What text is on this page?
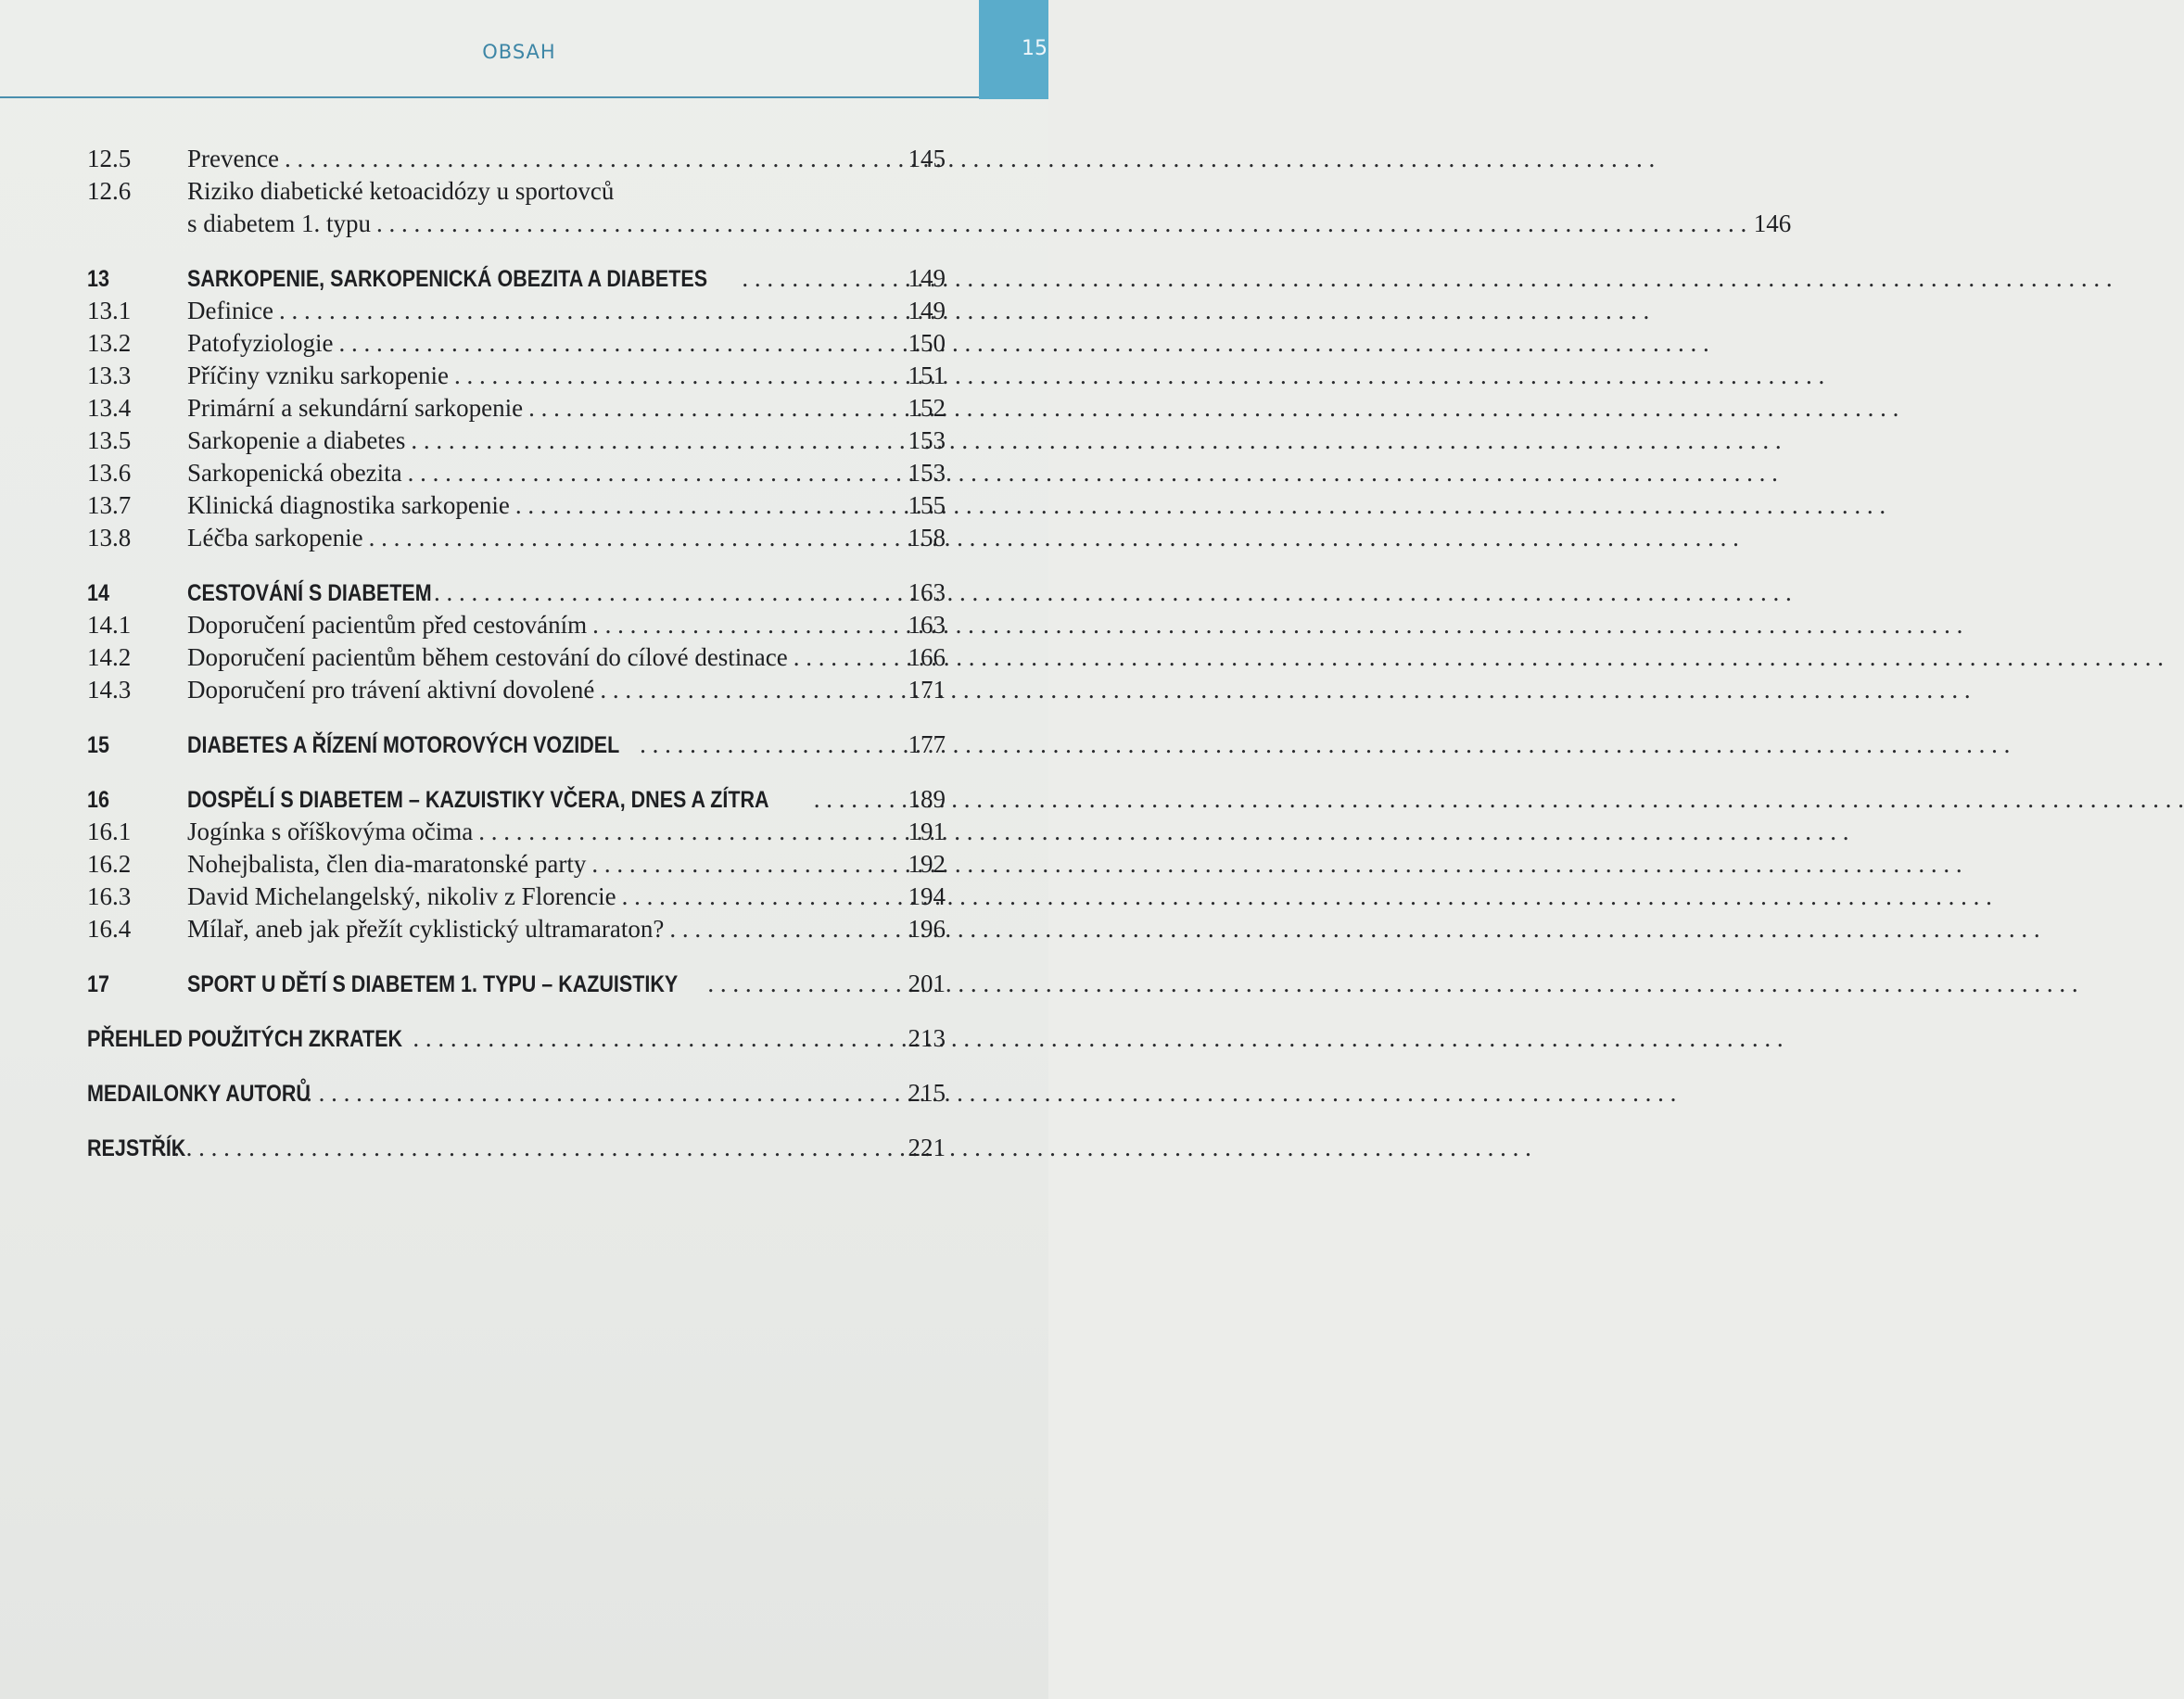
OBSAH	15
12.5	Prevence . . .	145
12.6	Riziko diabetické ketoacidózy u sportovců
s diabetem 1. typu . . .	146
13	SARKOPENIE, SARKOPENICKÁ OBEZITA A DIABETES . . .	149
13.1	Definice . . .	149
13.2	Patofyziologie . . .	150
13.3	Příčiny vzniku sarkopenie . . .	151
13.4	Primární a sekundární sarkopenie . . .	152
13.5	Sarkopenie a diabetes . . .	153
13.6	Sarkopenická obezita . . .	153
13.7	Klinická diagnostika sarkopenie . . .	155
13.8	Léčba sarkopenie . . .	158
14	CESTOVÁNÍ S DIABETEM . . .	163
14.1	Doporučení pacientům před cestováním . . .	163
14.2	Doporučení pacientům během cestování do cílové destinace . . .	166
14.3	Doporučení pro trávení aktivní dovolené . . .	171
15	DIABETES A ŘÍZENÍ MOTOROVÝCH VOZIDEL . . .	177
16	DOSPĚLÍ S DIABETEM – KAZUISTIKY VČERA, DNES A ZÍTRA . . .	189
16.1	Jogínka s oříškovýma očima . . .	191
16.2	Nohejbalista, člen dia-maratonské party . . .	192
16.3	David Michelangelský, nikoliv z Florencie . . .	194
16.4	Mílař, aneb jak přežít cyklistický ultramaraton? . . .	196
17	SPORT U DĚTÍ S DIABETEM 1. TYPU – KAZUISTIKY . . .	201
PŘEHLED POUŽITÝCH ZKRATEK . . .	213
MEDAILONKY AUTORŮ . . .	215
REJSTŘÍK . . .	221
